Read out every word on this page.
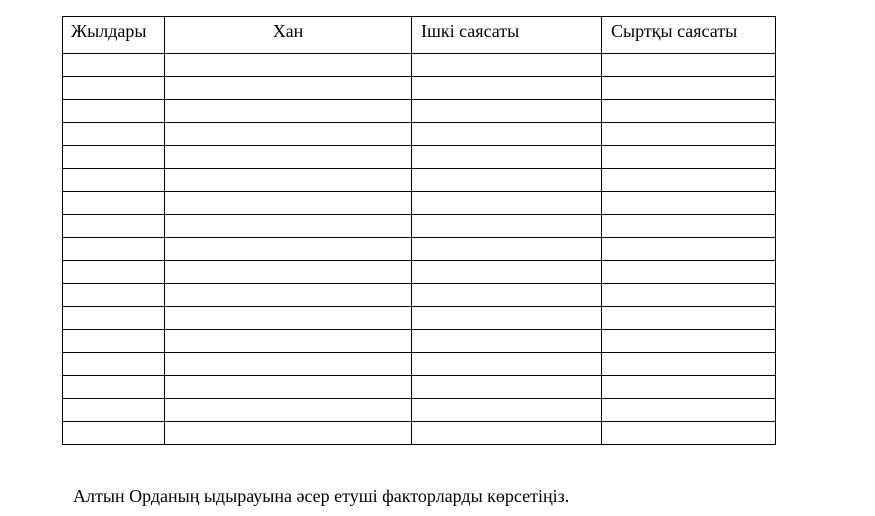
Жылдары	Хан	Ішкі саясаты	Сыртқы саясаты

Алтын Орданың ыдырауына әсер етуші факторларды көрсетіңіз.
